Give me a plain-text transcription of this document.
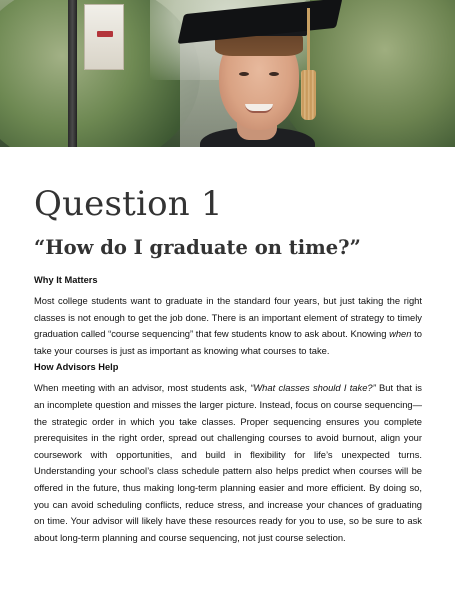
Question 1
“How do I graduate on time?”
Why It Matters

Most college students want to graduate in the standard four years, but just taking the right classes is not enough to get the job done. There is an important element of strategy to timely graduation called “course sequencing” that few students know to ask about. Knowing when to take your courses is just as important as knowing what courses to take.

How Advisors Help

When meeting with an advisor, most students ask, “What classes should I take?” But that is an incomplete question and misses the larger picture. Instead, focus on course sequencing—the strategic order in which you take classes. Proper sequencing ensures you complete prerequisites in the right order, spread out challenging courses to avoid burnout, align your coursework with opportunities, and build in flexibility for life’s unexpected turns. Understanding your school’s class schedule pattern also helps predict when courses will be offered in the future, thus making long-term planning easier and more efficient. By doing so, you can avoid scheduling conflicts, reduce stress, and increase your chances of graduating on time. Your advisor will likely have these resources ready for you to use, so be sure to ask about long-term planning and course sequencing, not just course selection.
